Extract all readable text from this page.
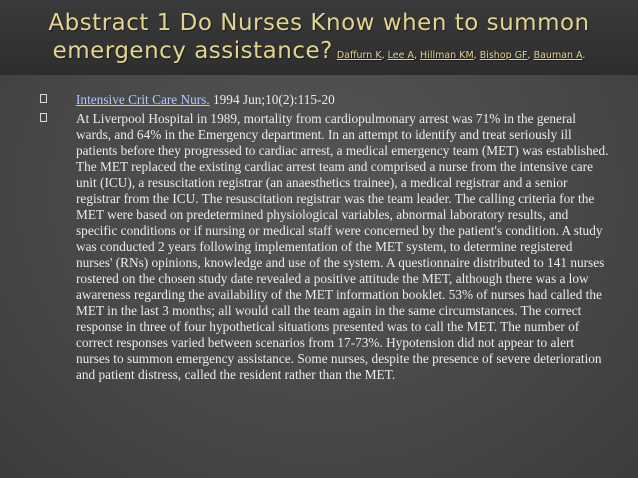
Abstract 1 Do Nurses Know when to summon
emergency assistance? Daffurn K, Lee A, Hillman KM, Bishop GF, Bauman A.
Intensive Crit Care Nurs. 1994 Jun;10(2):115-20
At Liverpool Hospital in 1989, mortality from cardiopulmonary arrest was 71% in the general wards, and 64% in the Emergency department. In an attempt to identify and treat seriously ill patients before they progressed to cardiac arrest, a medical emergency team (MET) was established. The MET replaced the existing cardiac arrest team and comprised a nurse from the intensive care unit (ICU), a resuscitation registrar (an anaesthetics trainee), a medical registrar and a senior registrar from the ICU. The resuscitation registrar was the team leader. The calling criteria for the MET were based on predetermined physiological variables, abnormal laboratory results, and specific conditions or if nursing or medical staff were concerned by the patient's condition. A study was conducted 2 years following implementation of the MET system, to determine registered nurses' (RNs) opinions, knowledge and use of the system. A questionnaire distributed to 141 nurses rostered on the chosen study date revealed a positive attitude the MET, although there was a low awareness regarding the availability of the MET information booklet. 53% of nurses had called the MET in the last 3 months; all would call the team again in the same circumstances. The correct response in three of four hypothetical situations presented was to call the MET. The number of correct responses varied between scenarios from 17-73%. Hypotension did not appear to alert nurses to summon emergency assistance. Some nurses, despite the presence of severe deterioration and patient distress, called the resident rather than the MET.
